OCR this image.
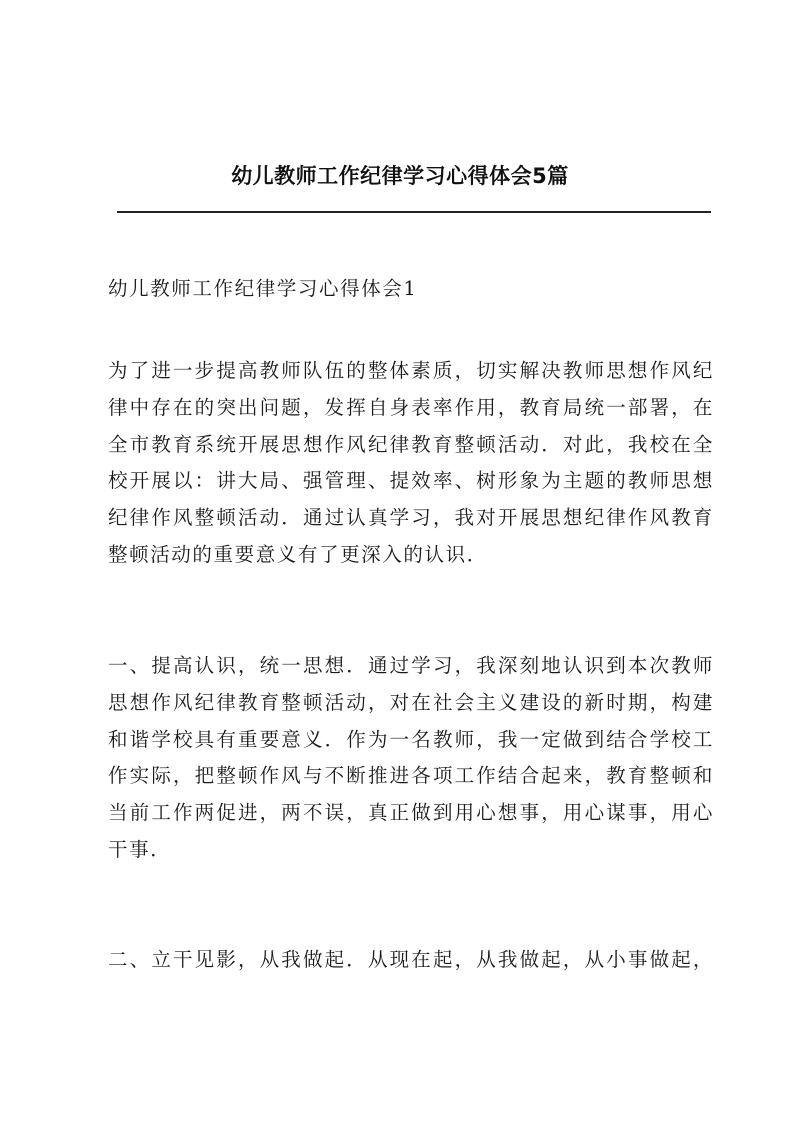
幼儿教师工作纪律学习心得体会5篇
幼儿教师工作纪律学习心得体会1
为了进一步提高教师队伍的整体素质，切实解决教师思想作风纪
律中存在的突出问题，发挥自身表率作用，教育局统一部署，在
全市教育系统开展思想作风纪律教育整顿活动．对此，我校在全
校开展以：讲大局、强管理、提效率、树形象为主题的教师思想
纪律作风整顿活动．通过认真学习，我对开展思想纪律作风教育
整顿活动的重要意义有了更深入的认识．
一、提高认识，统一思想．通过学习，我深刻地认识到本次教师
思想作风纪律教育整顿活动，对在社会主义建设的新时期，构建
和谐学校具有重要意义．作为一名教师，我一定做到结合学校工
作实际，把整顿作风与不断推进各项工作结合起来，教育整顿和
当前工作两促进，两不误，真正做到用心想事，用心谋事，用心
干事．
二、立干见影，从我做起．从现在起，从我做起，从小事做起，
